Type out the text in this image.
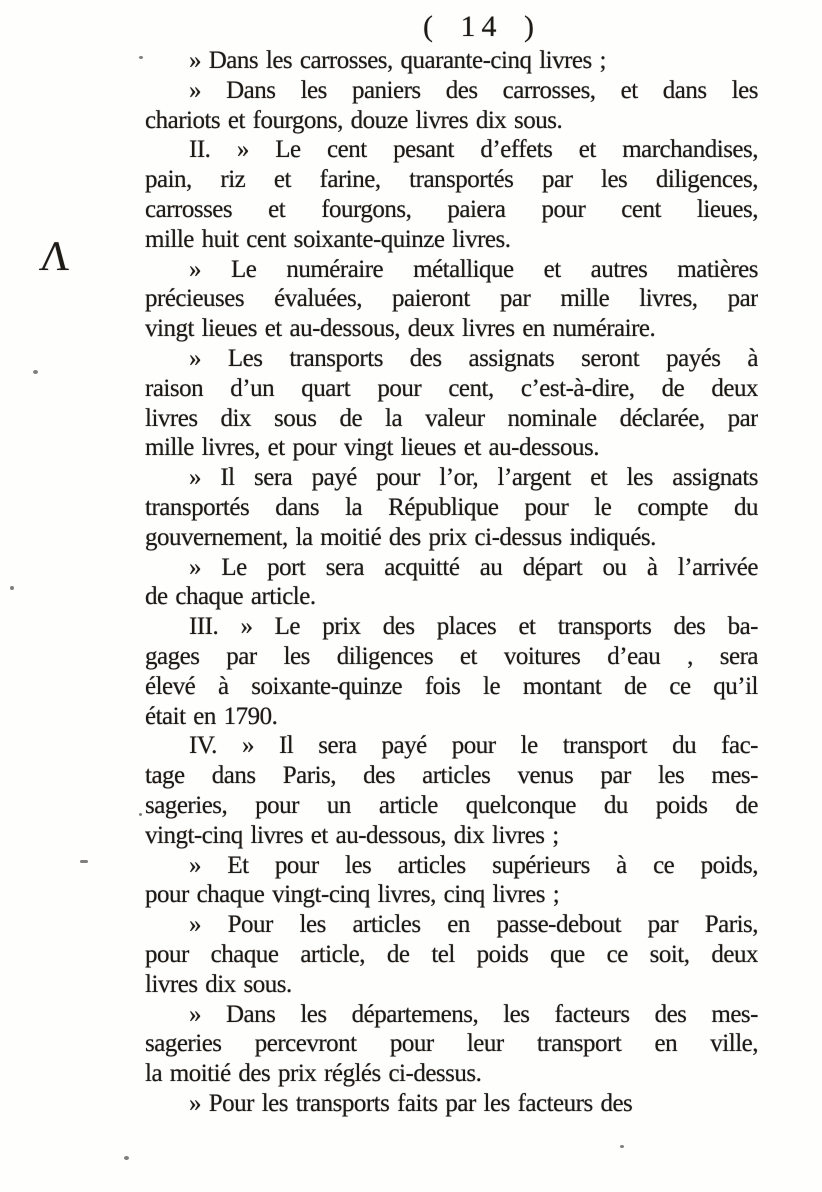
( 14 )
Λ
» Dans les carrosses, quarante-cinq livres ;
» Dans les paniers des carrosses, et dans les
chariots et fourgons, douze livres dix sous.
II. » Le cent pesant d’effets et marchandises,
pain, riz et farine, transportés par les diligences,
carrosses et fourgons, paiera pour cent lieues,
mille huit cent soixante-quinze livres.
» Le numéraire métallique et autres matières
précieuses évaluées, paieront par mille livres, par
vingt lieues et au-dessous, deux livres en numéraire.
» Les transports des assignats seront payés à
raison d’un quart pour cent, c’est-à-dire, de deux
livres dix sous de la valeur nominale déclarée, par
mille livres, et pour vingt lieues et au-dessous.
» Il sera payé pour l’or, l’argent et les assignats
transportés dans la République pour le compte du
gouvernement, la moitié des prix ci-dessus indiqués.
» Le port sera acquitté au départ ou à l’arrivée
de chaque article.
III. » Le prix des places et transports des ba-
gages par les diligences et voitures d’eau , sera
élevé à soixante-quinze fois le montant de ce qu’il
était en 1790.
IV. » Il sera payé pour le transport du fac-
tage dans Paris, des articles venus par les mes-
sageries, pour un article quelconque du poids de
vingt-cinq livres et au-dessous, dix livres ;
» Et pour les articles supérieurs à ce poids,
pour chaque vingt-cinq livres, cinq livres ;
» Pour les articles en passe-debout par Paris,
pour chaque article, de tel poids que ce soit, deux
livres dix sous.
» Dans les départemens, les facteurs des mes-
sageries percevront pour leur transport en ville,
la moitié des prix réglés ci-dessus.
» Pour les transports faits par les facteurs des
